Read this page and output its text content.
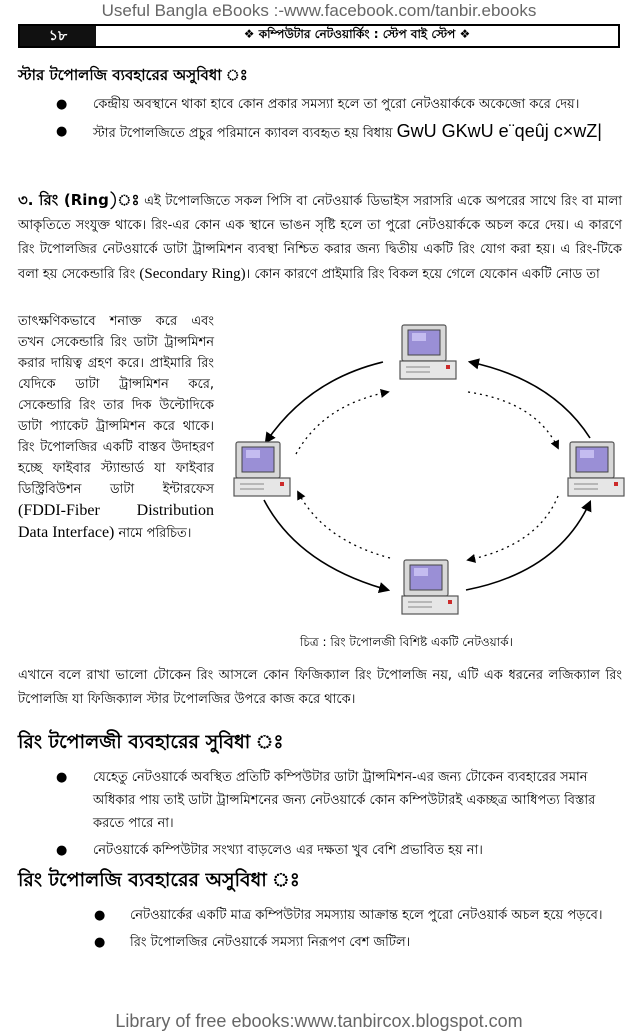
Useful Bangla eBooks :-www.facebook.com/tanbir.ebooks
১৮	❖ কম্পিউটার নেটওয়ার্কিং : স্টেপ বাই স্টেপ ❖
স্টার টপোলজি ব্যবহারের অসুবিধা ঃ
● কেন্দ্রীয় অবস্থানে থাকা হাবে কোন প্রকার সমস্যা হলে তা পুরো নেটওয়ার্ককে অকেজো করে দেয়।
● স্টার টপোলজিতে প্রচুর পরিমানে ক্যাবল ব্যবহৃত হয় বিধায় GwU GKwU e¨qeûj c×wZ|

৩. রিং (Ring)ঃ এই টপোলজিতে সকল পিসি বা নেটওয়ার্ক ডিভাইস সরাসরি একে অপরের সাথে রিং বা মালা আকৃতিতে সংযুক্ত থাকে। রিং-এর কোন এক স্থানে ভাঙন সৃষ্টি হলে তা পুরো নেটওয়ার্ককে অচল করে দেয়। এ কারণে রিং টপোলজির নেটওয়ার্কে ডাটা ট্রান্সমিশন ব্যবস্থা নিশ্চিত করার জন্য দ্বিতীয় একটি রিং যোগ করা হয়। এ রিং-টিকে বলা হয় সেকেন্ডারি রিং (Secondary Ring)। কোন কারণে প্রাইমারি রিং বিকল হয়ে গেলে যেকোন একটি নোড তা

তাৎক্ষণিকভাবে শনাক্ত করে এবং তখন সেকেন্ডারি রিং ডাটা ট্রান্সমিশন করার দায়িত্ব গ্রহণ করে। প্রাইমারি রিং যেদিকে ডাটা ট্রান্সমিশন করে, সেকেন্ডারি রিং তার দিক উল্টোদিকে ডাটা প্যাকেট ট্রান্সমিশন করে থাকে। রিং টপোলজির একটি বাস্তব উদাহরণ হচ্ছে ফাইবার স্ট্যান্ডার্ড যা ফাইবার ডিস্ট্রিবিউশন ডাটা ইন্টারফেস (FDDI-Fiber Distribution Data Interface) নামে পরিচিত।

চিত্র : রিং টপোলজী বিশিষ্ট একটি নেটওয়ার্ক।

এখানে বলে রাখা ভালো টোকেন রিং আসলে কোন ফিজিক্যাল রিং টপোলজি নয়, এটি এক ধরনের লজিক্যাল রিং টপোলজি যা ফিজিক্যাল স্টার টপোলজির উপরে কাজ করে থাকে।

রিং টপোলজী ব্যবহারের সুবিধা ঃ
● যেহেতু নেটওয়ার্কে অবস্থিত প্রতিটি কম্পিউটার ডাটা ট্রান্সমিশন-এর জন্য টোকেন ব্যবহারের সমান অধিকার পায় তাই ডাটা ট্রান্সমিশনের জন্য নেটওয়ার্কে কোন কম্পিউটারই একচ্ছত্র আধিপত্য বিস্তার করতে পারে না।
● নেটওয়ার্কে কম্পিউটার সংখ্যা বাড়লেও এর দক্ষতা খুব বেশি প্রভাবিত হয় না।
রিং টপোলজি ব্যবহারের অসুবিধা ঃ
● নেটওয়ার্কের একটি মাত্র কম্পিউটার সমস্যায় আক্রান্ত হলে পুরো নেটওয়ার্ক অচল হয়ে পড়বে।
● রিং টপোলজির নেটওয়ার্কে সমস্যা নিরূপণ বেশ জটিল।
Library of free ebooks:www.tanbircox.blogspot.com
